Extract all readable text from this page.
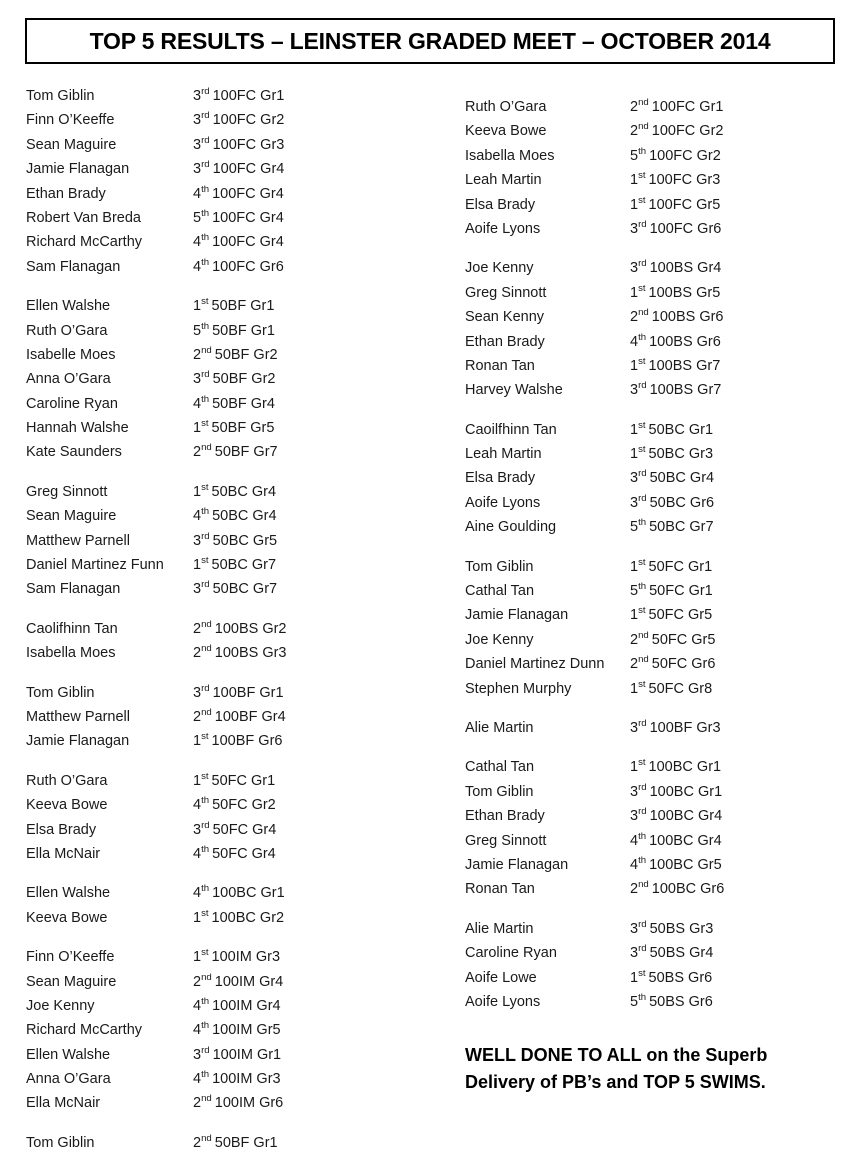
TOP 5 RESULTS – LEINSTER GRADED MEET – OCTOBER 2014
Tom Giblin	3rd 100FC Gr1
Finn O’Keeffe	3rd 100FC Gr2
Sean Maguire	3rd 100FC Gr3
Jamie Flanagan	3rd 100FC Gr4
Ethan Brady	4th 100FC Gr4
Robert Van Breda	5th 100FC Gr4
Richard McCarthy	4th 100FC Gr4
Sam Flanagan	4th 100FC Gr6
Ellen Walshe	1st 50BF Gr1
Ruth O’Gara	5th 50BF Gr1
Isabelle Moes	2nd 50BF Gr2
Anna O’Gara	3rd 50BF Gr2
Caroline Ryan	4th 50BF Gr4
Hannah Walshe	1st 50BF Gr5
Kate Saunders	2nd 50BF Gr7
Greg Sinnott	1st 50BC Gr4
Sean Maguire	4th 50BC Gr4
Matthew Parnell	3rd 50BC Gr5
Daniel Martinez Funn	1st 50BC Gr7
Sam Flanagan	3rd 50BC Gr7
Caolifhinn Tan	2nd 100BS Gr2
Isabella Moes	2nd 100BS Gr3
Tom Giblin	3rd 100BF Gr1
Matthew Parnell	2nd 100BF Gr4
Jamie Flanagan	1st 100BF Gr6
Ruth O’Gara	1st 50FC Gr1
Keeva Bowe	4th 50FC Gr2
Elsa Brady	3rd 50FC Gr4
Ella McNair	4th 50FC Gr4
Ellen Walshe	4th 100BC Gr1
Keeva Bowe	1st 100BC Gr2
Finn O’Keeffe	1st 100IM Gr3
Sean Maguire	2nd 100IM Gr4
Joe Kenny	4th 100IM Gr4
Richard McCarthy	4th 100IM Gr5
Ellen Walshe	3rd 100IM Gr1
Anna O’Gara	4th 100IM Gr3
Ella McNair	2nd 100IM Gr6
Tom Giblin	2nd 50BF Gr1
Ruth O’Gara	2nd 100FC Gr1
Keeva Bowe	2nd 100FC Gr2
Isabella Moes	5th 100FC Gr2
Leah Martin	1st 100FC Gr3
Elsa Brady	1st 100FC Gr5
Aoife Lyons	3rd 100FC Gr6
Joe Kenny	3rd 100BS Gr4
Greg Sinnott	1st 100BS Gr5
Sean Kenny	2nd 100BS Gr6
Ethan Brady	4th 100BS Gr6
Ronan Tan	1st 100BS Gr7
Harvey Walshe	3rd 100BS Gr7
Caoilfhinn Tan	1st 50BC Gr1
Leah Martin	1st 50BC Gr3
Elsa Brady	3rd 50BC Gr4
Aoife Lyons	3rd 50BC Gr6
Aine Goulding	5th 50BC Gr7
Tom Giblin	1st 50FC Gr1
Cathal Tan	5th 50FC Gr1
Jamie Flanagan	1st 50FC Gr5
Joe Kenny	2nd 50FC Gr5
Daniel Martinez Dunn	2nd 50FC Gr6
Stephen Murphy	1st 50FC Gr8
Alie Martin	3rd 100BF Gr3
Cathal Tan	1st 100BC Gr1
Tom Giblin	3rd 100BC Gr1
Ethan Brady	3rd 100BC Gr4
Greg Sinnott	4th 100BC Gr4
Jamie Flanagan	4th 100BC Gr5
Ronan Tan	2nd 100BC Gr6
Alie Martin	3rd 50BS Gr3
Caroline Ryan	3rd 50BS Gr4
Aoife Lowe	1st 50BS Gr6
Aoife Lyons	5th 50BS Gr6
WELL DONE TO ALL on the Superb
Delivery of PB’s and TOP 5 SWIMS.
